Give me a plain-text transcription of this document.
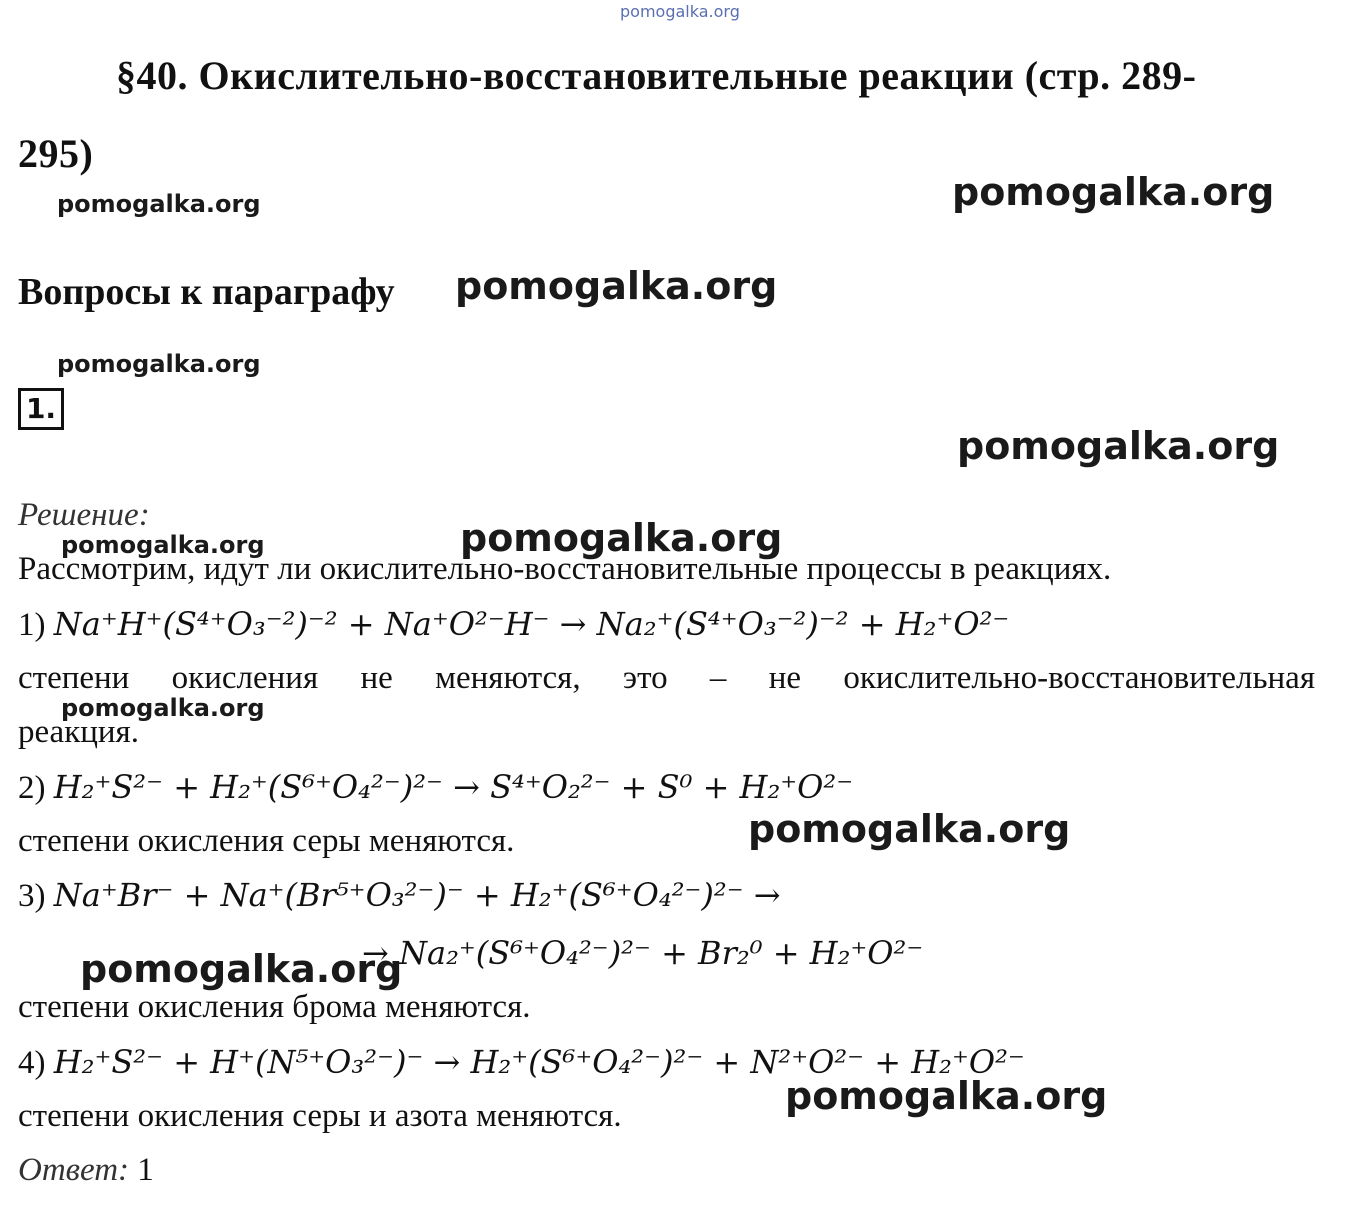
pomogalka.org
pomogalka.org	pomogalka.org
pomogalka.org
pomogalka.org
pomogalka.org
pomogalka.org
pomogalka.org
pomogalka.org
pomogalka.org
pomogalka.org
pomogalka.org
§40. Окислительно-восстановительные реакции (стр. 289-
295)
Вопросы к параграфу
1.
Решение:
Рассмотрим, идут ли окислительно-восстановительные процессы в реакциях.
1) Na⁺H⁺(S⁴⁺O₃⁻²)⁻² + Na⁺O²⁻H⁻ → Na₂⁺(S⁴⁺O₃⁻²)⁻² + H₂⁺O²⁻
степени окисления не меняются, это – не окислительно-восстановительная
реакция.
2) H₂⁺S²⁻ + H₂⁺(S⁶⁺O₄²⁻)²⁻ → S⁴⁺O₂²⁻ + S⁰ + H₂⁺O²⁻
степени окисления серы меняются.
3) Na⁺Br⁻ + Na⁺(Br⁵⁺O₃²⁻)⁻ + H₂⁺(S⁶⁺O₄²⁻)²⁻ →
→ Na₂⁺(S⁶⁺O₄²⁻)²⁻ + Br₂⁰ + H₂⁺O²⁻
степени окисления брома меняются.
4) H₂⁺S²⁻ + H⁺(N⁵⁺O₃²⁻)⁻ → H₂⁺(S⁶⁺O₄²⁻)²⁻ + N²⁺O²⁻ + H₂⁺O²⁻
степени окисления серы и азота меняются.
Ответ: 1
